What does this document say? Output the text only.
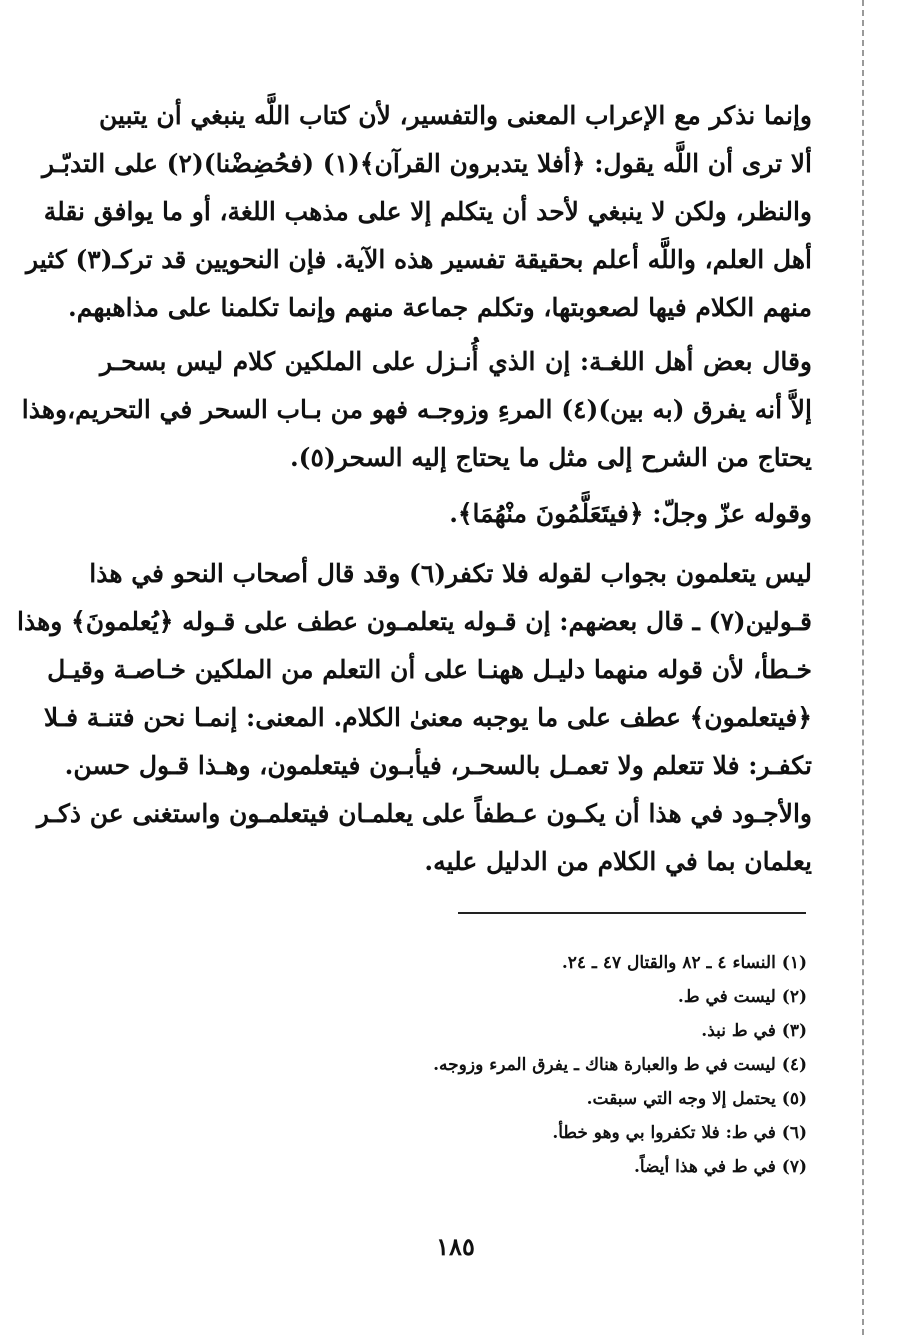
وإنما نذكر مع الإعراب المعنى والتفسير، لأن كتاب اللَّه ينبغي أن يتبين
ألا ترى أن اللَّه يقول: ﴿أفلا يتدبرون القرآن﴾(١) (فحُضِضْنا)(٢) على التدبّـر
والنظر، ولكن لا ينبغي لأحد أن يتكلم إلا على مذهب اللغة، أو ما يوافق نقلة
أهل العلم، واللَّه أعلم بحقيقة تفسير هذه الآية. فإن النحويين قد تركـ(٣) كثير
منهم الكلام فيها لصعوبتها، وتكلم جماعة منهم وإنما تكلمنا على مذاهبهم.
وقال بعض أهل اللغـة: إن الذي أُنـزل على الملكين كلام ليس بسحـر
إلاَّ أنه يفرق (به بين)(٤) المرءِ وزوجـه فهو من بـاب السحر في التحريم،وهذا
يحتاج من الشرح إلى مثل ما يحتاج إليه السحر(٥).
وقوله عزّ وجلّ: ﴿فيتَعَلَّمُونَ منْهُمَا﴾.
ليس يتعلمون بجواب لقوله فلا تكفر(٦) وقد قال أصحاب النحو في هذا
قـولين(٧) ـ قال بعضهم: إن قـوله يتعلمـون عطف على قـوله ﴿يُعلمونَ﴾ وهذا
خـطأ، لأن قوله منهما دليـل ههنـا على أن التعلم من الملكين خـاصـة وقيـل
﴿فيتعلمون﴾ عطف على ما يوجبه معنىٰ الكلام. المعنى: إنمـا نحن فتنـة فـلا
تكفـر: فلا تتعلم ولا تعمـل بالسحـر، فيأبـون فيتعلمون، وهـذا قـول حسن.
والأجـود في هذا أن يكـون عـطفاً على يعلمـان فيتعلمـون واستغنى عن ذكـر
يعلمان بما في الكلام من الدليل عليه.
(١) النساء ٤ ـ ٨٢ والقتال ٤٧ ـ ٢٤.
(٢) ليست في ط.
(٣) في ط نبذ.
(٤) ليست في ط والعبارة هناك ـ يفرق المرء وزوجه.
(٥) يحتمل إلا وجه التي سبقت.
(٦) في ط: فلا تكفروا بي وهو خطأ.
(٧) في ط في هذا أيضاً.
١٨٥
